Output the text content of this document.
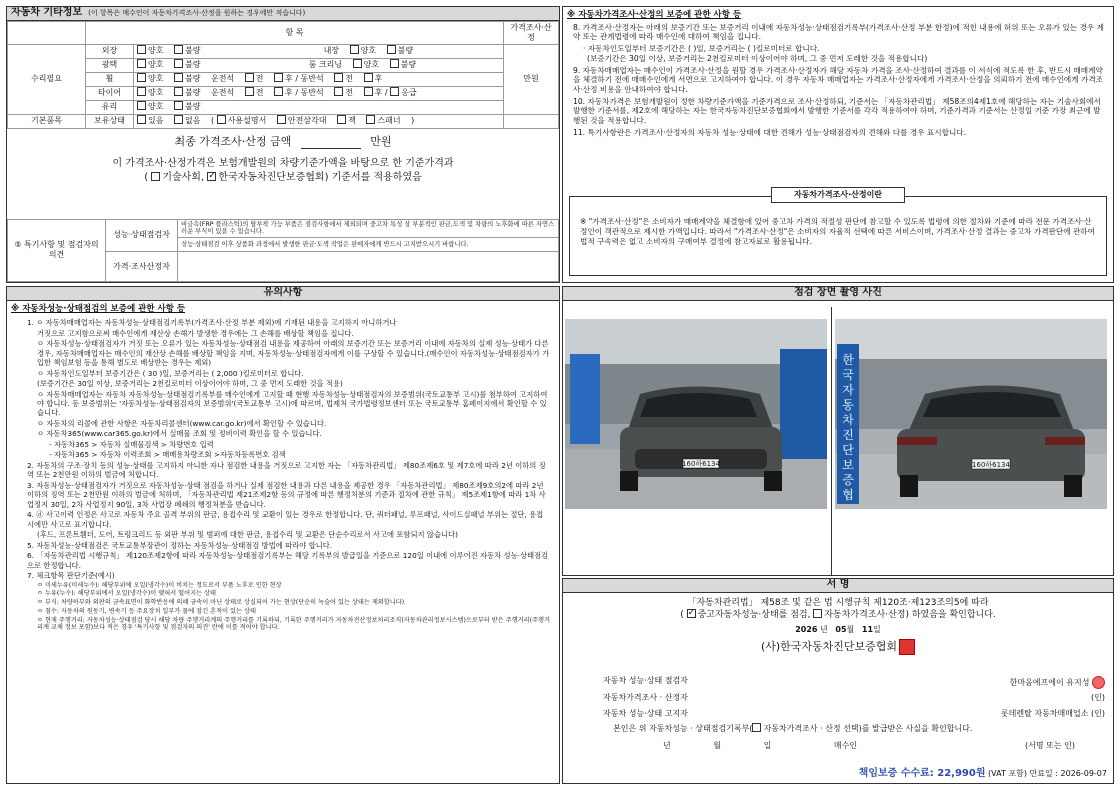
자동차 기타정보 (이 항목은 매수인이 자동차가격조사·산정을 원하는 경우에만 적습니다)
	항 목		가격조사·산정
수리필요	외장	양호 불량 내장 양호 불량	만원
	광택	양호 불량 룸 크리닝 양호 불량	
	휠	양호 불량 운전석 전 후 / 동반석 전 후	
	타이어	양호 불량 운전석 전 후 / 동반석 전 후 / 응급	
	유리	양호 불량	
기본품목	보유상태	있음 없음 ( 사용설명서 안전삼각대 잭 스패너 )	
최종 가격조사·산정 금액	만원
이 가격조사·산정가격은 보험개발원의 차량기준가액을 바탕으로 한 기준가격과
( 기술사회, ✓한국자동차진단보증협회) 기준서를 적용하였음
⑤ 특기사항 및 점검자의 의견	성능·상태점검자	비금속(FRP 플라스틱)의 탈부착 가능 부품은 점검사항에서 제외되며 중고차 특성 상 부분적인 판금,도색 및 차량의 노후화에 따른 자연스러운 부식이 있을 수 있습니다.
		성능·상태점검 이후 상품화 과정에서 발생한 판금·도색 작업은 판매자에게 반드시 고지받으시기 바랍니다.
	가격·조사산정자	
※ 자동차가격조사·산정의 보증에 관한 사항 등
8. 가격조사·산정자는 아래의 보증기간 또는 보증거리 이내에 자동차성능·상태점검기록부(가격조사·산정 부분 한정)에 적힌 내용에 허위 또는 오류가 있는 경우 계약 또는 관계법령에 따라 매수인에 대하여 책임을 집니다.
· 자동차인도일부터 보증기간은 ( )일, 보증거리는 ( )킬로미터로 합니다.
(보증기간은 30일 이상, 보증거리는 2천킬로미터 이상이어야 하며, 그 중 먼저 도래한 것을 적용합니다)
9. 자동차매매업자는 매수인이 가격조사·산정을 원할 경우 가격조사·산정자가 해당 자동차 가격을 조사·산정하여 결과를 이 서식에 적도록 한 후, 반드시 매매계약을 체결하기 전에 매매수인에게 서면으로 고지하여야 합니다. 이 경우 자동차 매매업자는 가격조사·산정자에게 가격조사·산정을 의뢰하기 전에 매수인에게 가격조사·산정 비용을 안내하여야 합니다.
10. 자동차가격은 보험개발원이 정한 차량기준가액을 기준가격으로 조사·산정하되, 기준서는 「자동차관리법」 제58조의4제1호에 해당하는 자는 기술사회에서 발행한 기준서를, 제2호에 해당하는 자는 한국자동차진단보증협회에서 발행한 기준서를 각각 적용하여야 하며, 기준가격과 기준서는 산정일 기준 가장 최근에 발행된 것을 적용합니다.
11. 특기사항란은 가격조사·산정자의 자동차 성능·상태에 대한 견해가 성능·상태점검자의 견해와 다를 경우 표시합니다.
자동차가격조사·산정이란
※ "가격조사·산정"은 소비자가 매매계약을 체결함에 있어 중고차 가격의 적절성 판단에 참고할 수 있도록 법령에 의한 절차와 기준에 따라 전문 가격조사·산정인이 객관적으로 제시한 가액입니다. 따라서 "가격조사·산정"은 소비자의 자율적 선택에 따른 서비스이며, 가격조사·산정 결과는 중고차 가격판단에 관하여 법적 구속력은 없고 소비자의 구매여부 결정에 참고자료로 활용됩니다.
유의사항
※ 자동차성능·상태점검의 보증에 관한 사항 등

1. ㅇ 자동차매매업자는 자동차성능·상태점검기록부(가격조사·산정 부분 제외)에 기재된 내용을 고지하지 아니하거나

거짓으로 고지함으로써 매수인에게 재산상 손해가 발생한 경우에는 그 손해를 배상할 책임을 집니다.

ㅇ 자동차성능·상태점검자가 거짓 또는 오류가 있는 자동차성능·상태점검 내용을 제공하여 아래의 보증기간 또는 보증거리 이내에 자동차의 실제 성능·상태가 다른 경우, 자동차매매업자는 매수인의 재산상 손해를 배상할 책임을 지며, 자동차성능·상태점검자에게 이를 구상할 수 있습니다.(매수인이 자동차성능·상태점검자가 가입한 책임보험 등을 통해 별도로 배상받는 경우는 제외)

ㅇ 자동차인도일부터 보증기간은 ( 30 )일, 보증거리는 ( 2,000 )킬로미터로 합니다.

(보증기간은 30일 이상, 보증거리는 2천킬로미터 이상이어야 하며, 그 중 먼저 도래한 것을 적용)

ㅇ 자동차매매업자는 자동차 자동차성능·상태점검기록부를 매수인에게 고지할 때 현행 자동차성능·상태점검자의 보증범위(국토교통부 고시)를 첨부하여 고지하여야 합니다. 동 보증범위는 '자동차성능·상태점검자의 보증범위'(국토교통부 고시)에 따르며, 법제처 국가법령정보센터 또는 국토교통부 홈페이지에서 확인할 수 있습니다.

ㅇ 자동차의 리콜에 관한 사항은 자동차리콜센터(www.car.go.kr)에서 확인할 수 있습니다.

ㅇ 자동차365(www.car365.go.kr)에서 실매물 조회 및 정비이력 확인을 할 수 있습니다.

- 자동차365 > 자동차 실매물검색 > 차량번호 입력

- 자동차365 > 자동차 이력조회 > 매매용차량조회 >자동차등록번호 검색

2. 자동차의 구조·장치 등의 성능·상태를 고지하지 아니한 자나 점검한 내용을 거짓으로 고지한 자는 「자동차관리법」 제80조제6호 및 제7호에 따라 2년 이하의 징역 또는 2천만원 이하의 벌금에 처합니다.

3. 자동차성능·상태점검자가 거짓으로 자동차성능·상태 점검을 하거나 실제 점검한 내용과 다른 내용을 제공한 경우 「자동차관리법」 제80조제9호의2에 따라 2년 이하의 징역 또는 2천만원 이하의 벌금에 처하며, 「자동차관리법 제21조제2항 등의 규정에 따른 행정처분의 기준과 절차에 관한 규칙」 제5조제1항에 따라 1차 사업정지 30일, 2차 사업정지 90일, 3차 사업장 폐쇄의 행정처분을 받습니다.

4. ⓓ 사고이력 인정은 사고로 자동차 주요 골격 부위의 판금, 용접수리 및 교환이 있는 경우로 한정합니다. 단, 쿼터패널, 루프패널, 사이드실패널 부위는 절단, 용접 시에만 사고로 표기합니다.

(후드, 프론트휀더, 도어, 트렁크리드 등 외판 부위 및 범퍼에 대한 판금, 용접수리 및 교환은 단순수리로서 사고에 포함되지 않습니다)

5. 자동차성능·상태점검은 국토교통부장관이 정하는 자동차성능·상태점검 방법에 따라야 합니다.

6. 「자동차관리법 시행규칙」 제120조제2항에 따라 자동차성능·상태점검기록부는 해당 기록부의 발급일을 기준으로 120일 이내에 이루어진 자동차 성능·상태점검으로 한정합니다.

7. 체크항목 판단기준(예시)

ㅇ 미세누유(미세누수): 해당부위에 오일(냉각수)이 비치는 정도로서 부품 노후로 인한 현상

ㅇ 누유(누수): 해당부위에서 오일(냉각수)이 맺혀서 떨어지는 상태

ㅇ 부식: 차량하부와 외판의 금속표면이 화학반응에 의해 금속이 아닌 상태로 상실되어 가는 현상(단순히 녹슬어 있는 상태는 제외합니다)

ㅇ 침수: 자동차의 원동기, 변속기 등 주요장치 일부가 물에 잠긴 흔적이 있는 상태

ㅇ 현재 주행거리: 자동차성능·상태점검 당시 해당 차량 주행거리계의 주행거리를 기록하되, 기록한 주행거리가 자동차전산정보처리조직(자동차관리정보시스템)으로부터 받은 주행거리(주행거리계 교체 정보 포함)보다 적은 경우 '특기사항 및 점검자의 의견' 란에 이를 적어야 합니다.

점검 장면 촬영 사진
160하6134
한
국
자
동
차
진
단
보
증
협
160하6134
서 명
「자동차관리법」 제58조 및 같은 법 시행규칙 제120조·제123조의5에 따라
( ✓중고자동차성능·상태를 점검, 자동차가격조사·산정) 하였음을 확인합니다.
2026 년 05월 11일
(사)한국자동차진단보증협회
자동차 성능·상태 점검자	한마음에프에이 유지성
자동차가격조사 · 산정자	(인)
자동차 성능·상태 고지자	롯데렌탈 자동차매매업소 (인)
본인은 위 자동차성능 · 상태점검기록부( 자동차가격조사 · 산정 선택)를 발급받은 사실을 확인합니다.
년	월	일	매수인	(서명 또는 인)
책임보증 수수료: 22,990원 (VAT 포함) 만료일 : 2026-09-07
